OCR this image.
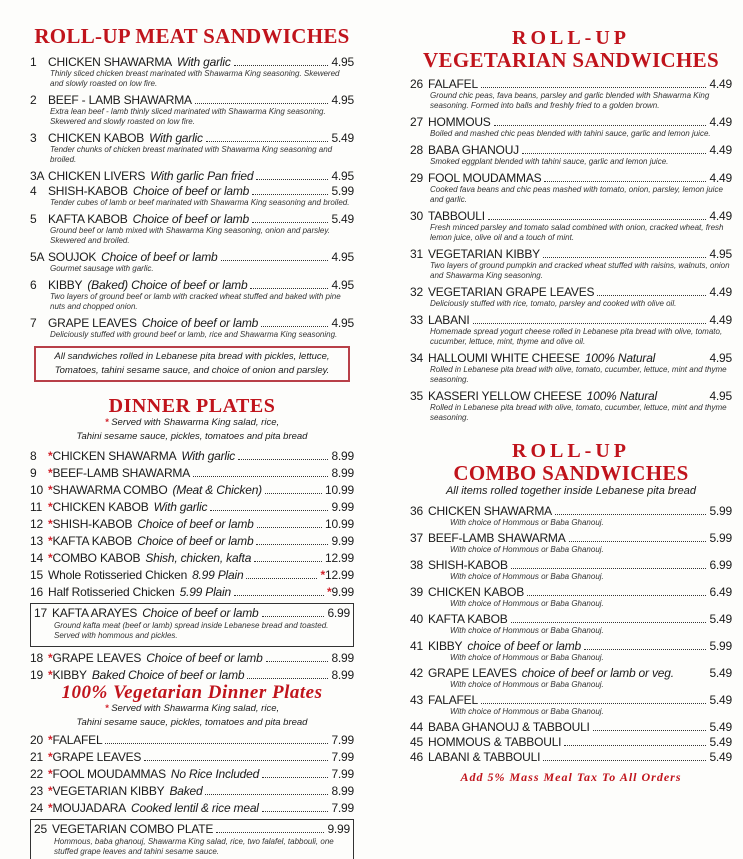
ROLL-UP MEAT SANDWICHES
1 CHICKEN SHAWARMA With garlic	4.95
Thinly sliced chicken breast marinated with Shawarma King seasoning. Skewered and slowly roasted on low fire.
2 BEEF - LAMB SHAWARMA	4.95
Extra lean beef - lamb thinly sliced marinated with Shawarma King seasoning. Skewered and slowly roasted on low fire.
3 CHICKEN KABOB With garlic	5.49
Tender chunks of chicken breast marinated with Shawarma King seasoning and broiled.
3A CHICKEN LIVERS With garlic Pan fried	4.95
4 SHISH-KABOB Choice of beef or lamb	5.99
Tender cubes of lamb or beef marinated with Shawarma King seasoning and broiled.
5 KAFTA KABOB Choice of beef or lamb	5.49
Ground beef or lamb mixed with Shawarma King seasoning, onion and parsley. Skewered and broiled.
5A SOUJOK Choice of beef or lamb	4.95
Gourmet sausage with garlic.
6 KIBBY (Baked) Choice of beef or lamb	4.95
Two layers of ground beef or lamb with cracked wheat stuffed and baked with pine nuts and chopped onion.
7 GRAPE LEAVES Choice of beef or lamb	4.95
Deliciously stuffed with ground beef or lamb, rice and Shawarma King seasoning.
All sandwiches rolled in Lebanese pita bread with pickles, lettuce, Tomatoes, tahini sesame sauce, and choice of onion and parsley.
DINNER PLATES
* Served with Shawarma King salad, rice,
Tahini sesame sauce, pickles, tomatoes and pita bread
8 * CHICKEN SHAWARMA With garlic	8.99
9 * BEEF-LAMB SHAWARMA	8.99
10 * SHAWARMA COMBO (Meat & Chicken)	10.99
11 * CHICKEN KABOB With garlic	9.99
12 * SHISH-KABOB Choice of beef or lamb	10.99
13 * KAFTA KABOB Choice of beef or lamb	9.99
14 * COMBO KABOB Shish, chicken, kafta	12.99
15 Whole Rotisseried Chicken 8.99 Plain	* 12.99
16 Half Rotisseried Chicken 5.99 Plain	* 9.99
17 KAFTA ARAYES Choice of beef or lamb	6.99
Ground kafta meat (beef or lamb) spread inside Lebanese bread and toasted. Served with hommous and pickles.
18 * GRAPE LEAVES Choice of beef or lamb	8.99
19 * KIBBY Baked Choice of beef or lamb	8.99
100% Vegetarian Dinner Plates
* Served with Shawarma King salad, rice,
Tahini sesame sauce, pickles, tomatoes and pita bread
20 * FALAFEL	7.99
21 * GRAPE LEAVES	7.99
22 * FOOL MOUDAMMAS No Rice Included	7.99
23 * VEGETARIAN KIBBY Baked	8.99
24 * MOUJADARA Cooked lentil & rice meal	7.99
25 VEGETARIAN COMBO PLATE	9.99
Hommous, baba ghanouj, Shawarma King salad, rice, two falafel, tabbouli, one stuffed grape leaves and tahini sesame sauce.
ROLL-UP
VEGETARIAN SANDWICHES
26 FALAFEL	4.49
Ground chic peas, fava beans, parsley and garlic blended with Shawarma King seasoning. Formed into balls and freshly fried to a golden brown.
27 HOMMOUS	4.49
Boiled and mashed chic peas blended with tahini sauce, garlic and lemon juice.
28 BABA GHANOUJ	4.49
Smoked eggplant blended with tahini sauce, garlic and lemon juice.
29 FOOL MOUDAMMAS	4.49
Cooked fava beans and chic peas mashed with tomato, onion, parsley, lemon juice and garlic.
30 TABBOULI	4.49
Fresh minced parsley and tomato salad combined with onion, cracked wheat, fresh lemon juice, olive oil and a touch of mint.
31 VEGETARIAN KIBBY	4.95
Two layers of ground pumpkin and cracked wheat stuffed with raisins, walnuts, onion and Shawarma King seasoning.
32 VEGETARIAN GRAPE LEAVES	4.49
Deliciously stuffed with rice, tomato, parsley and cooked with olive oil.
33 LABANI	4.49
Homemade spread yogurt cheese rolled in Lebanese pita bread with olive, tomato, cucumber, lettuce, mint, thyme and olive oil.
34 HALLOUMI WHITE CHEESE 100% Natural	4.95
Rolled in Lebanese pita bread with olive, tomato, cucumber, lettuce, mint and thyme seasoning.
35 KASSERI YELLOW CHEESE 100% Natural	4.95
Rolled in Lebanese pita bread with olive, tomato, cucumber, lettuce, mint and thyme seasoning.
ROLL-UP
COMBO SANDWICHES
All items rolled together inside Lebanese pita bread
36 CHICKEN SHAWARMA	5.99
With choice of Hommous or Baba Ghanouj.
37 BEEF-LAMB SHAWARMA	5.99
With choice of Hommous or Baba Ghanouj.
38 SHISH-KABOB	6.99
With choice of Hommous or Baba Ghanouj.
39 CHICKEN KABOB	6.49
With choice of Hommous or Baba Ghanouj.
40 KAFTA KABOB	5.49
With choice of Hommous or Baba Ghanouj.
41 KIBBY choice of beef or lamb	5.99
With choice of Hommous or Baba Ghanouj.
42 GRAPE LEAVES choice of beef or lamb or veg.	5.49
With choice of Hommous or Baba Ghanouj.
43 FALAFEL	5.49
With choice of Hommous or Baba Ghanouj.
44 BABA GHANOUJ & TABBOULI	5.49
45 HOMMOUS & TABBOULI	5.49
46 LABANI & TABBOULI	5.49
Add 5% Mass Meal Tax To All Orders
